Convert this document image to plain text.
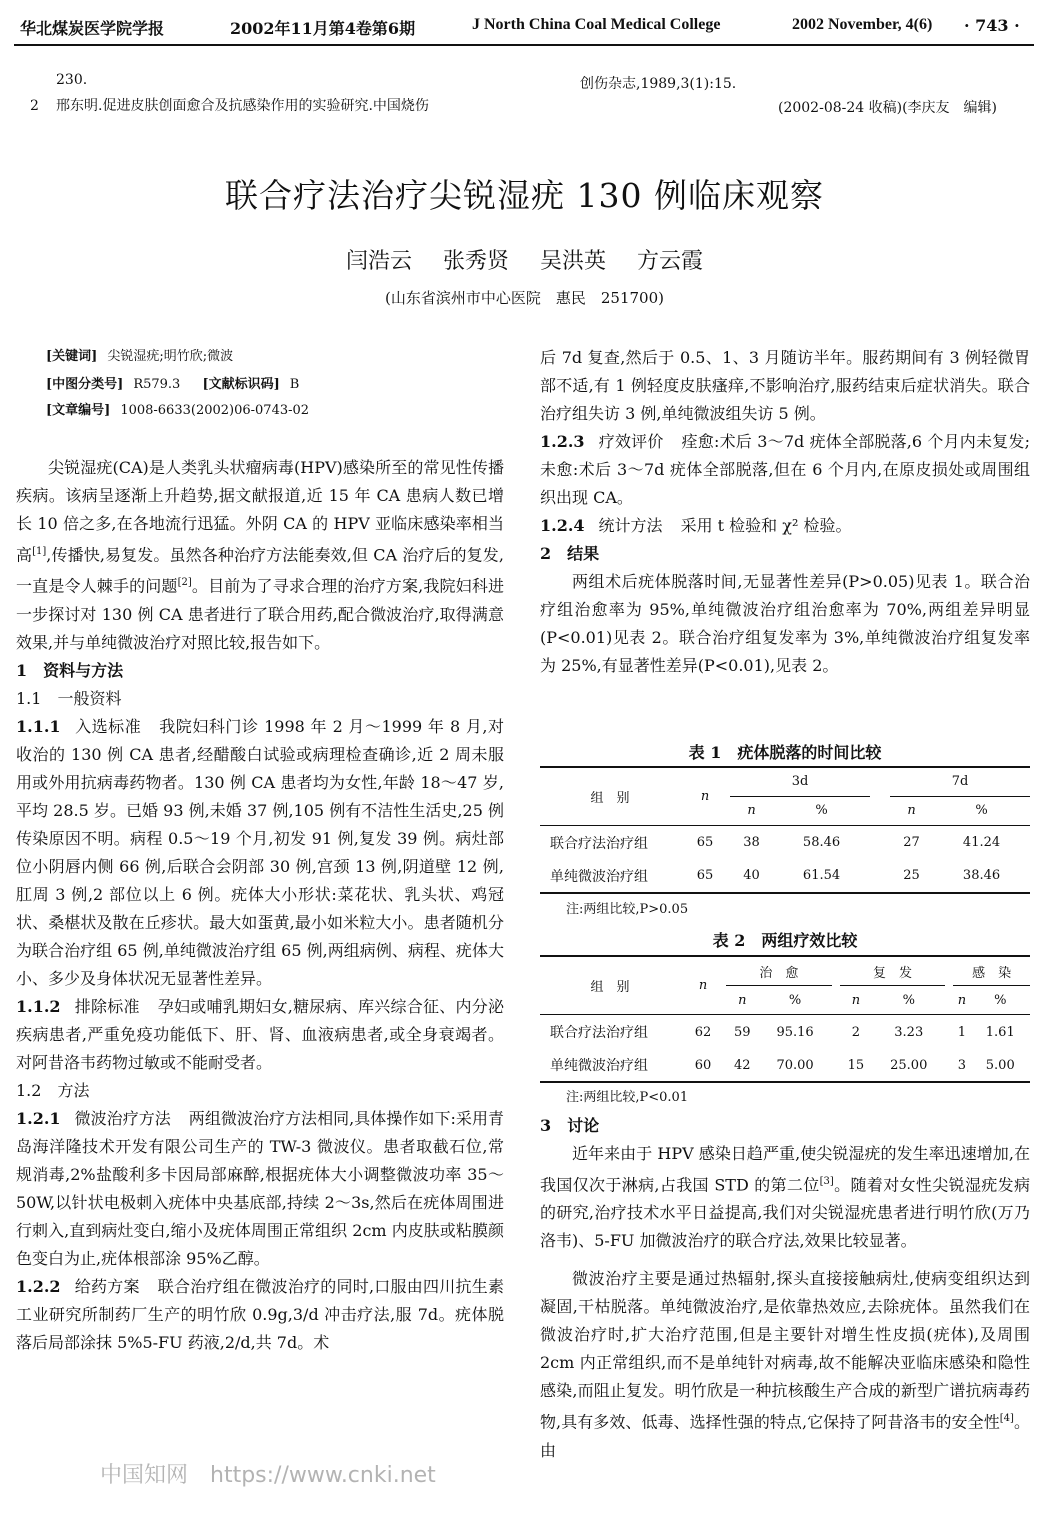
华北煤炭医学院学报	2002年11月第4卷第6期	J North China Coal Medical College	2002 November, 4(6) · 743 ·
230.
2 邢东明.促进皮肤创面愈合及抗感染作用的实验研究.中国烧伤
创伤杂志,1989,3(1):15.
(2002-08-24 收稿)(李庆友　编辑)
联合疗法治疗尖锐湿疣 130 例临床观察
闫浩云 张秀贤 吴洪英 方云霞
(山东省滨州市中心医院　惠民　251700)
[关键词] 尖锐湿疣;明竹欣;微波
[中图分类号] R579.3 [文献标识码] B
[文章编号] 1008-6633(2002)06-0743-02

尖锐湿疣(CA)是人类乳头状瘤病毒(HPV)感染所至的常见性传播疾病。该病呈逐渐上升趋势,据文献报道,近 15 年 CA 患病人数已增长 10 倍之多,在各地流行迅猛。外阴 CA 的 HPV 亚临床感染率相当高[1],传播快,易复发。虽然各种治疗方法能奏效,但 CA 治疗后的复发,一直是令人棘手的问题[2]。目前为了寻求合理的治疗方案,我院妇科进一步探讨对 130 例 CA 患者进行了联合用药,配合微波治疗,取得满意效果,并与单纯微波治疗对照比较,报告如下。

1　资料与方法

1.1　一般资料

1.1.1 入选标准 我院妇科门诊 1998 年 2 月～1999 年 8 月,对收治的 130 例 CA 患者,经醋酸白试验或病理检查确诊,近 2 周未服用或外用抗病毒药物者。130 例 CA 患者均为女性,年龄 18～47 岁,平均 28.5 岁。已婚 93 例,未婚 37 例,105 例有不洁性生活史,25 例传染原因不明。病程 0.5～19 个月,初发 91 例,复发 39 例。病灶部位小阴唇内侧 66 例,后联合会阴部 30 例,宫颈 13 例,阴道壁 12 例,肛周 3 例,2 部位以上 6 例。疣体大小形状:菜花状、乳头状、鸡冠状、桑椹状及散在丘疹状。最大如蛋黄,最小如米粒大小。患者随机分为联合治疗组 65 例,单纯微波治疗组 65 例,两组病例、病程、疣体大小、多少及身体状况无显著性差异。

1.1.2 排除标准 孕妇或哺乳期妇女,糖尿病、库兴综合征、内分泌疾病患者,严重免疫功能低下、肝、肾、血液病患者,或全身衰竭者。对阿昔洛韦药物过敏或不能耐受者。

1.2　方法

1.2.1 微波治疗方法 两组微波治疗方法相同,具体操作如下:采用青岛海洋隆技术开发有限公司生产的 TW-3 微波仪。患者取截石位,常规消毒,2%盐酸利多卡因局部麻醉,根据疣体大小调整微波功率 35～50W,以针状电极刺入疣体中央基底部,持续 2～3s,然后在疣体周围进行刺入,直到病灶变白,缩小及疣体周围正常组织 2cm 内皮肤或粘膜颜色变白为止,疣体根部涂 95%乙醇。

1.2.2 给药方案 联合治疗组在微波治疗的同时,口服由四川抗生素工业研究所制药厂生产的明竹欣 0.9g,3/d 冲击疗法,服 7d。疣体脱落后局部涂抹 5%5-FU 药液,2/d,共 7d。术

后 7d 复查,然后于 0.5、1、3 月随访半年。服药期间有 3 例轻微胃部不适,有 1 例轻度皮肤瘙痒,不影响治疗,服药结束后症状消失。联合治疗组失访 3 例,单纯微波组失访 5 例。

1.2.3 疗效评价 痊愈:术后 3～7d 疣体全部脱落,6 个月内未复发;未愈:术后 3～7d 疣体全部脱落,但在 6 个月内,在原皮损处或周围组织出现 CA。

1.2.4 统计方法 采用 t 检验和 χ² 检验。

2　结果

两组术后疣体脱落时间,无显著性差异(P>0.05)见表 1。联合治疗组治愈率为 95%,单纯微波治疗组治愈率为 70%,两组差异明显(P<0.01)见表 2。联合治疗组复发率为 3%,单纯微波治疗组复发率为 25%,有显著性差异(P<0.01),见表 2。

表 1　疣体脱落的时间比较
组　别	n	3d			7d	
		n	%		n	%
联合疗法治疗组	65	38	58.46		27	41.24
单纯微波治疗组	65	40	61.54		25	38.46
注:两组比较,P>0.05
表 2　两组疗效比较
组　别	n	治　愈			复　发			感　染	
		n	%		n	%		n	%
联合疗法治疗组	62	59	95.16		2	3.23		1	1.61
单纯微波治疗组	60	42	70.00		15	25.00		3	5.00
注:两组比较,P<0.01

3　讨论

近年来由于 HPV 感染日趋严重,使尖锐湿疣的发生率迅速增加,在我国仅次于淋病,占我国 STD 的第二位[3]。随着对女性尖锐湿疣发病的研究,治疗技术水平日益提高,我们对尖锐湿疣患者进行明竹欣(万乃洛韦)、5-FU 加微波治疗的联合疗法,效果比较显著。

微波治疗主要是通过热辐射,探头直接接触病灶,使病变组织达到凝固,干枯脱落。单纯微波治疗,是依靠热效应,去除疣体。虽然我们在微波治疗时,扩大治疗范围,但是主要针对增生性皮损(疣体),及周围 2cm 内正常组织,而不是单纯针对病毒,故不能解决亚临床感染和隐性感染,而阻止复发。明竹欣是一种抗核酸生产合成的新型广谱抗病毒药物,具有多效、低毒、选择性强的特点,它保持了阿昔洛韦的安全性[4]。由

中国知网　https://www.cnki.net
